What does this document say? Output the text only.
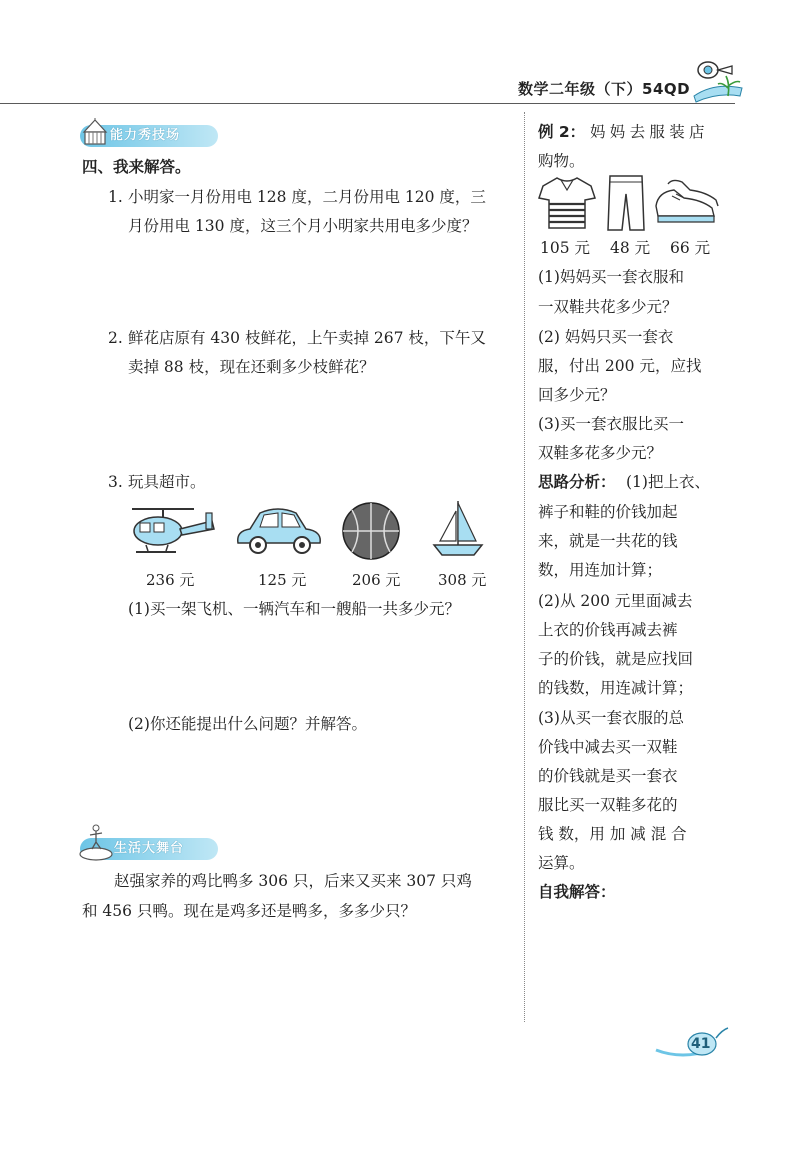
数学二年级（下）54QD
能力秀技场
四、我来解答。
1. 小明家一月份用电 128 度，二月份用电 120 度，三
月份用电 130 度，这三个月小明家共用电多少度？
2. 鲜花店原有 430 枝鲜花，上午卖掉 267 枝，下午又
卖掉 88 枝，现在还剩多少枝鲜花？
3. 玩具超市。
236 元	125 元	206 元	308 元
(1)买一架飞机、一辆汽车和一艘船一共多少元？
(2)你还能提出什么问题？并解答。
生活大舞台
赵强家养的鸡比鸭多 306 只，后来又买来 307 只鸡
和 456 只鸭。现在是鸡多还是鸭多，多多少只？
例 2： 妈妈去服装店
购物。
105 元 48 元 66 元
(1)妈妈买一套衣服和
一双鞋共花多少元？
(2) 妈妈只买一套衣
服，付出 200 元，应找
回多少元？
(3)买一套衣服比买一
双鞋多花多少元？
思路分析： (1)把上衣、
裤子和鞋的价钱加起
来，就是一共花的钱
数，用连加计算；
(2)从 200 元里面减去
上衣的价钱再减去裤
子的价钱，就是应找回
的钱数，用连减计算；
(3)从买一套衣服的总
价钱中减去买一双鞋
的价钱就是买一套衣
服比买一双鞋多花的
钱 数，用 加 减 混 合
运算。
自我解答：
41
